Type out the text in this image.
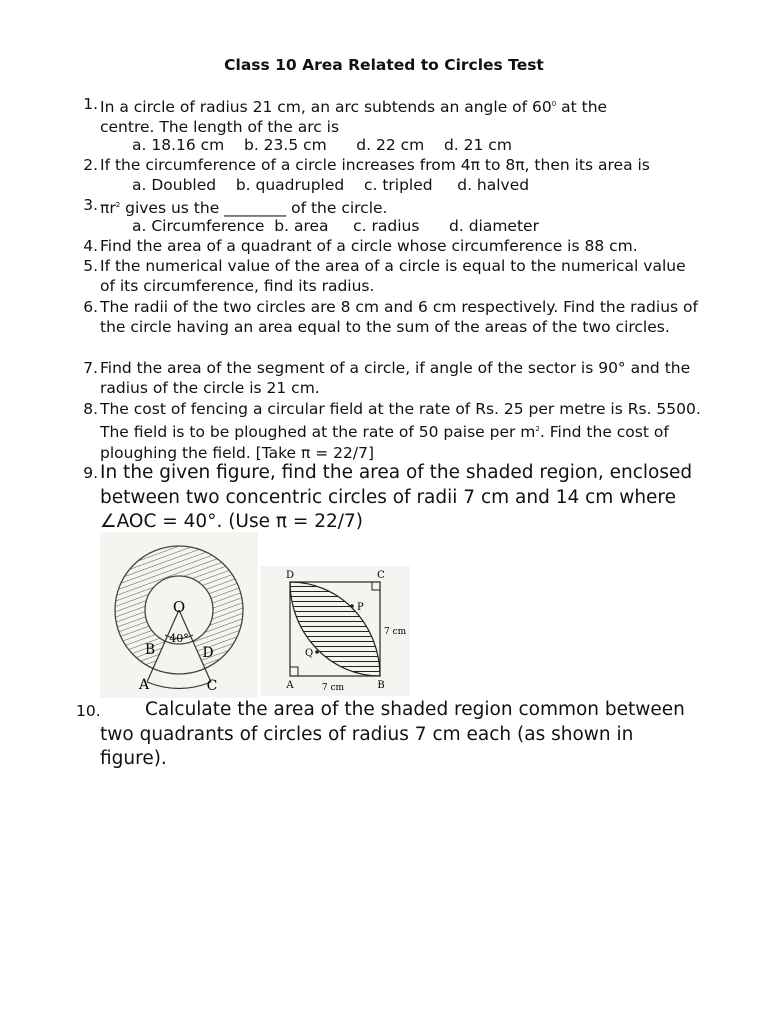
Class 10 Area Related to Circles Test
1. In a circle of radius 21 cm, an arc subtends an angle of $60^0$ at the
centre. The length of the arc is
a. 18.16 cm    b. 23.5 cm      d. 22 cm    d. 21 cm
2. If the circumference of a circle increases from 4π to 8π, then its area is
a. Doubled    b. quadrupled    c. tripled     d. halved
3. $\pi r^2$ gives us the ________ of the circle.
a. Circumference  b. area     c. radius      d. diameter
4. Find the area of a quadrant of a circle whose circumference is 88 cm.
5. If the numerical value of the area of a circle is equal to the numerical value of its circumference, find its radius.
6. The radii of the two circles are 8 cm and 6 cm respectively. Find the radius of the circle having an area equal to the sum of the areas of the two circles.
7. Find the area of the segment of a circle, if angle of the sector is 90° and the radius of the circle is 21 cm.
8. The cost of fencing a circular field at the rate of Rs. 25 per metre is Rs. 5500. The field is to be ploughed at the rate of 50 paise per $m^2$. Find the cost of ploughing the field. [Take π = 22/7]
9. In the given figure, find the area of the shaded region, enclosed between two concentric circles of radii 7 cm and 14 cm where ∠AOC = 40°. (Use π = 22/7)
O
40°
B	D
A	C
D	C
A	B
P
Q
7 cm
7 cm
10.	Calculate the area of the shaded region common between two quadrants of circles of radius 7 cm each (as shown in figure).
